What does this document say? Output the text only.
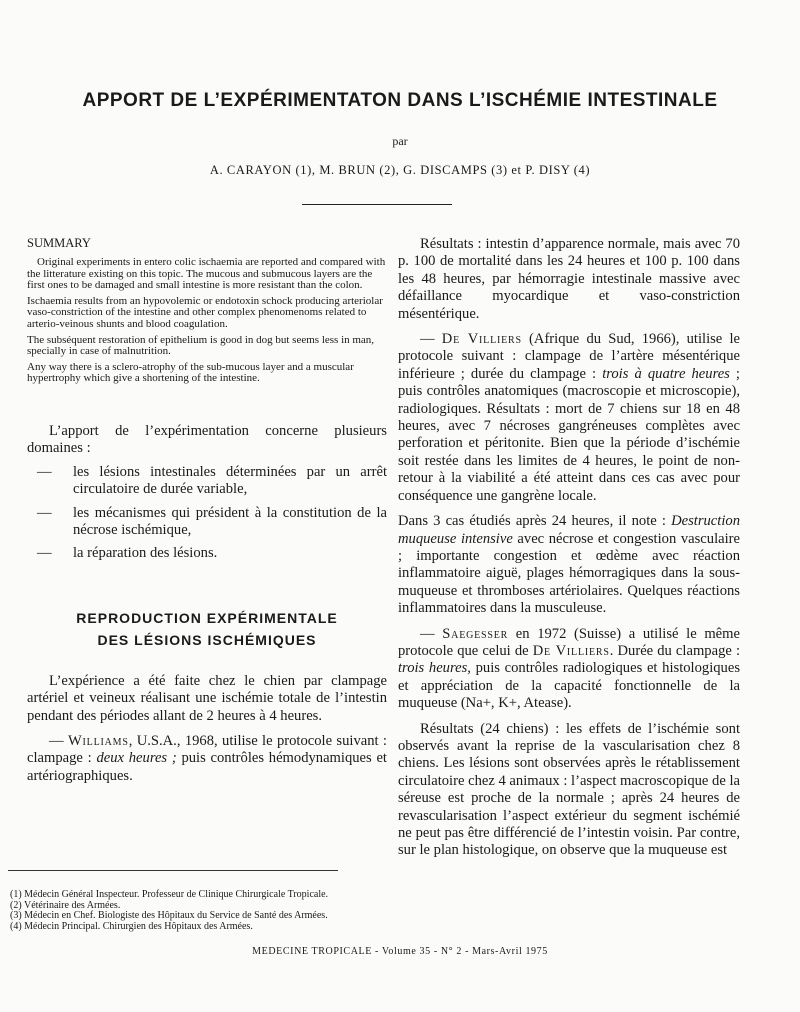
APPORT DE L’EXPÉRIMENTATON DANS L’ISCHÉMIE INTESTINALE
par
A. CARAYON (1), M. BRUN (2), G. DISCAMPS (3) et P. DISY (4)
SUMMARY

Original experiments in entero colic ischaemia are reported and compared with the litterature existing on this topic. The mucous and submucous layers are the first ones to be damaged and small intestine is more resistant than the colon.

Ischaemia results from an hypovolemic or endotoxin schock producing arteriolar vaso-constriction of the intestine and other complex phenomenoms related to arterio-veinous shunts and blood coagulation.

The subséquent restoration of epithelium is good in dog but seems less in man, specially in case of malnutrition.

Any way there is a sclero-atrophy of the sub-mucous layer and a muscular hypertrophy which give a shortening of the intestine.

L’apport de l’expérimentation concerne plusieurs domaines :

— les lésions intestinales déterminées par un arrêt circulatoire de durée variable,
— les mécanismes qui président à la constitution de la nécrose ischémique,
— la réparation des lésions.
REPRODUCTION EXPÉRIMENTALE
DES LÉSIONS ISCHÉMIQUES

L’expérience a été faite chez le chien par clampage artériel et veineux réalisant une ischémie totale de l’intestin pendant des périodes allant de 2 heures à 4 heures.

— Williams, U.S.A., 1968, utilise le protocole suivant : clampage : deux heures ; puis contrôles hémodynamiques et artériographiques.

Résultats : intestin d’apparence normale, mais avec 70 p. 100 de mortalité dans les 24 heures et 100 p. 100 dans les 48 heures, par hémorragie intestinale massive avec défaillance myocardique et vaso-constriction mésentérique.

— De Villiers (Afrique du Sud, 1966), utilise le protocole suivant : clampage de l’artère mésentérique inférieure ; durée du clampage : trois à quatre heures ; puis contrôles anatomiques (macroscopie et microscopie), radiologiques. Résultats : mort de 7 chiens sur 18 en 48 heures, avec 7 nécroses gangréneuses complètes avec perforation et péritonite. Bien que la période d’ischémie soit restée dans les limites de 4 heures, le point de non-retour à la viabilité a été atteint dans ces cas avec pour conséquence une gangrène locale.

Dans 3 cas étudiés après 24 heures, il note : Destruction muqueuse intensive avec nécrose et congestion vasculaire ; importante congestion et œdème avec réaction inflammatoire aiguë, plages hémorragiques dans la sous-muqueuse et thromboses artériolaires. Quelques réactions inflammatoires dans la musculeuse.

— Saegesser en 1972 (Suisse) a utilisé le même protocole que celui de De Villiers. Durée du clampage : trois heures, puis contrôles radiologiques et histologiques et appréciation de la capacité fonctionnelle de la muqueuse (Na+, K+, Atease).

Résultats (24 chiens) : les effets de l’ischémie sont observés avant la reprise de la vascularisation chez 8 chiens. Les lésions sont observées après le rétablissement circulatoire chez 4 animaux : l’aspect macroscopique de la séreuse est proche de la normale ; après 24 heures de revascularisation l’aspect extérieur du segment ischémié ne peut pas être différencié de l’intestin voisin. Par contre, sur le plan histologique, on observe que la muqueuse est

(1) Médecin Général Inspecteur. Professeur de Clinique Chirurgicale Tropicale.
(2) Vétérinaire des Armées.
(3) Médecin en Chef. Biologiste des Hôpitaux du Service de Santé des Armées.
(4) Médecin Principal. Chirurgien des Hôpitaux des Armées.
MEDECINE TROPICALE - Volume 35 - N° 2 - Mars-Avril 1975
